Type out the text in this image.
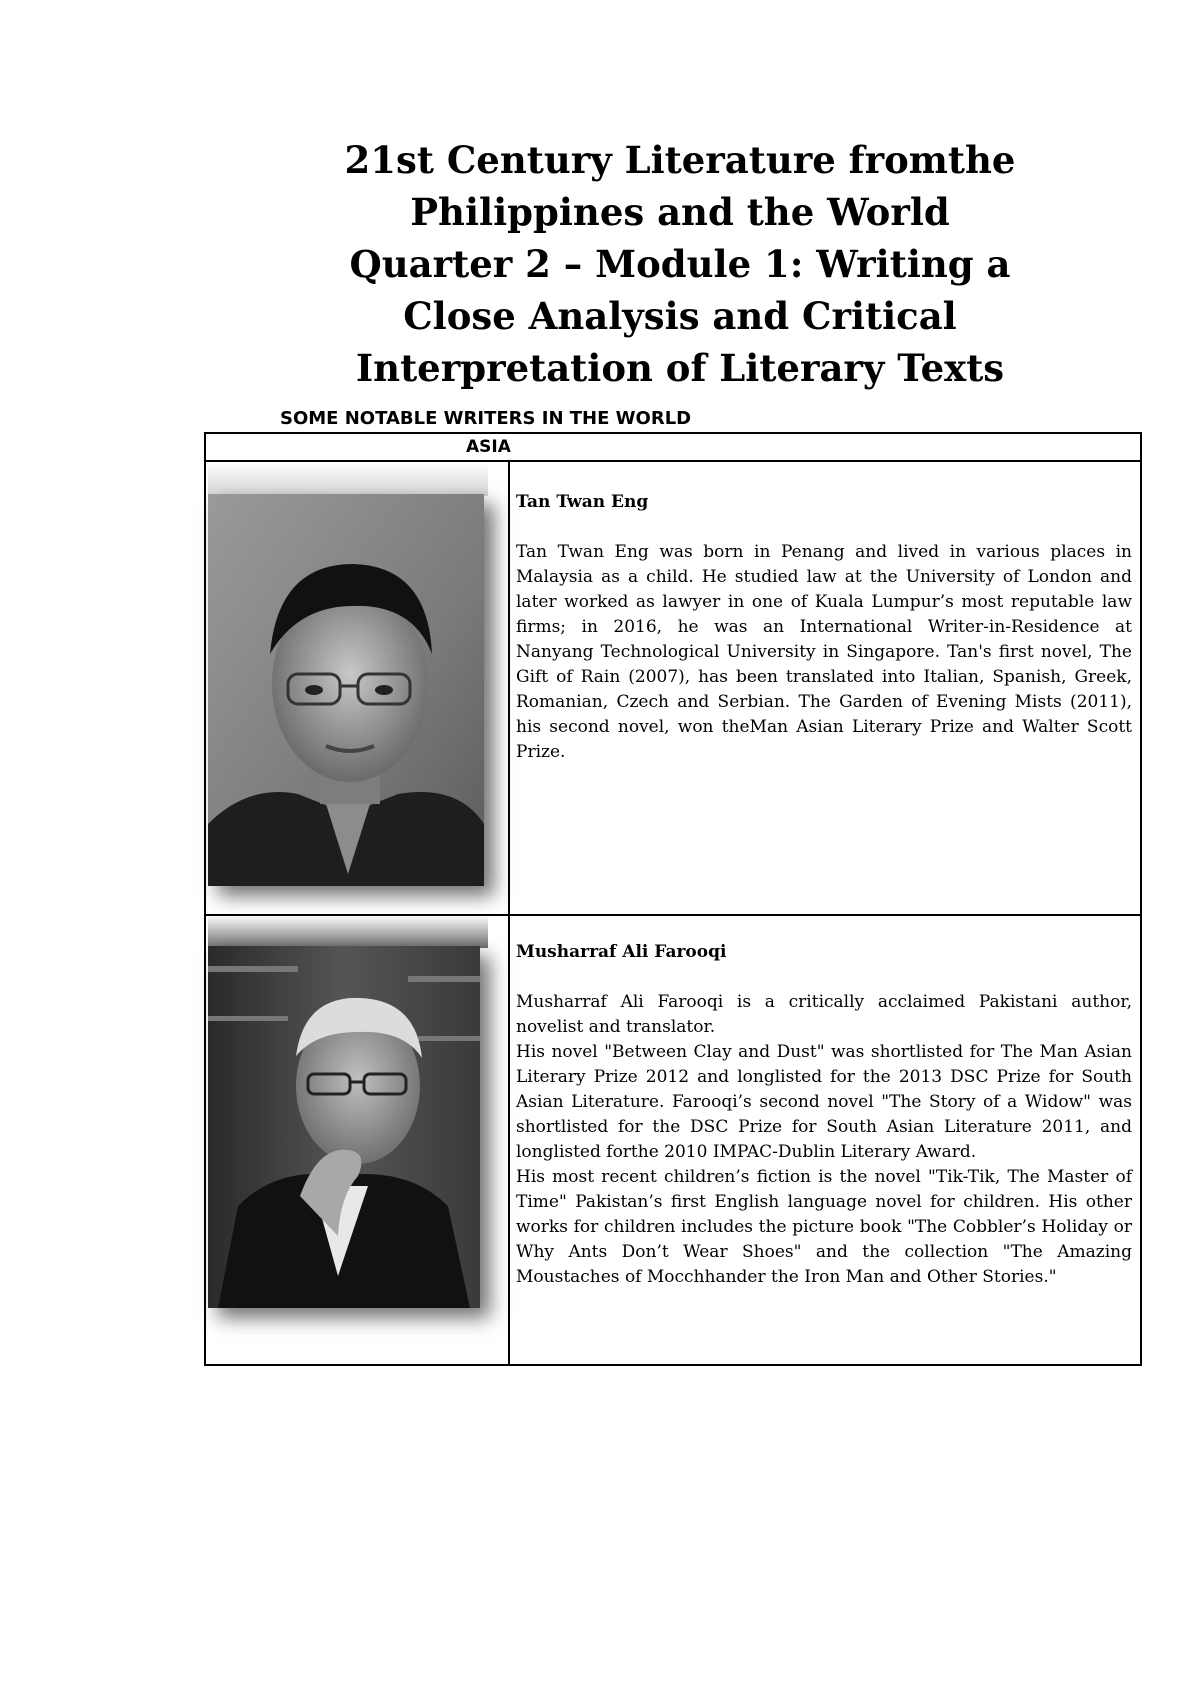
21st Century Literature fromthe
Philippines and the World
Quarter 2 – Module 1: Writing a
Close Analysis and Critical
Interpretation of Literary Texts
SOME NOTABLE WRITERS IN THE WORLD
ASIA
Tan Twan Eng

Tan Twan Eng was born in Penang and lived in various places in Malaysia as a child. He studied law at the University of London and later worked as lawyer in one of Kuala Lumpur’s most reputable law firms; in 2016, he was an International Writer-in-Residence at Nanyang Technological University in Singapore. Tan's first novel, The Gift of Rain (2007), has been translated into Italian, Spanish, Greek, Romanian, Czech and Serbian. The Garden of Evening Mists (2011), his second novel, won theMan Asian Literary Prize and Walter Scott Prize.

Musharraf Ali Farooqi

Musharraf Ali Farooqi is a critically acclaimed Pakistani author, novelist and translator.

His novel "Between Clay and Dust" was shortlisted for The Man Asian Literary Prize 2012 and longlisted for the 2013 DSC Prize for South Asian Literature. Farooqi’s second novel "The Story of a Widow" was shortlisted for the DSC Prize for South Asian Literature 2011, and longlisted forthe 2010 IMPAC-Dublin Literary Award.

His most recent children’s fiction is the novel "Tik-Tik, The Master of Time" Pakistan’s first English language novel for children. His other works for children includes the picture book "The Cobbler’s Holiday or Why Ants Don’t Wear Shoes" and the collection "The Amazing Moustaches of Mocchhander the Iron Man and Other Stories."
